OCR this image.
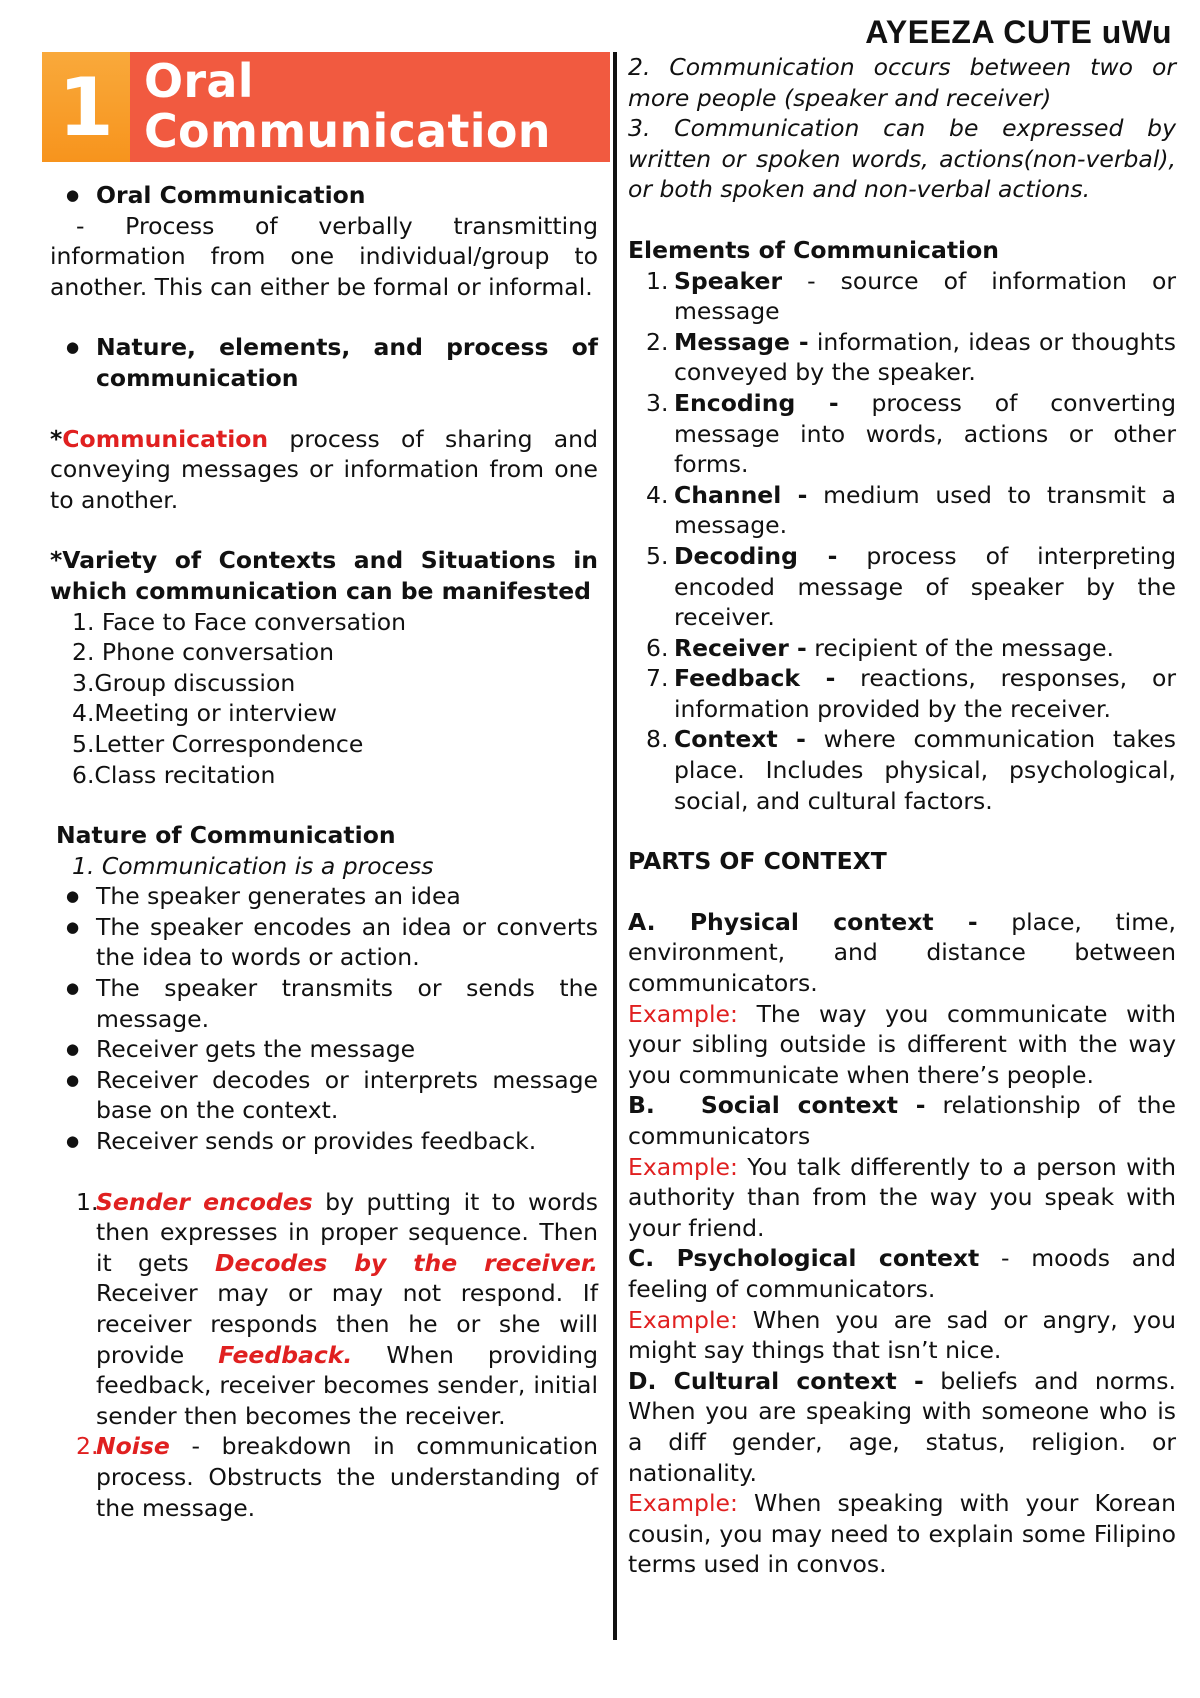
AYEEZA CUTE uWu
1 Oral
Communication
● Oral Communication
- Process of verbally transmitting information from one individual/group to another. This can either be formal or informal.
● Nature, elements, and process of communication
*Communication process of sharing and conveying messages or information from one to another.
*Variety of Contexts and Situations in which communication can be manifested
1. Face to Face conversation
2. Phone conversation
3.Group discussion
4.Meeting or interview
5.Letter Correspondence
6.Class recitation
Nature of Communication
1. Communication is a process
● The speaker generates an idea
● The speaker encodes an idea or converts the idea to words or action.
● The speaker transmits or sends the message.
● Receiver gets the message
● Receiver decodes or interprets message base on the context.
● Receiver sends or provides feedback.
1.
Sender encodes by putting it to words then expresses in proper sequence. Then it gets Decodes by the receiver. Receiver may or may not respond. If receiver responds then he or she will provide Feedback. When providing feedback, receiver becomes sender, initial sender then becomes the receiver.
2.
Noise - breakdown in communication process. Obstructs the understanding of the message.
2. Communication occurs between two or more people (speaker and receiver)
3. Communication can be expressed by written or spoken words, actions(non-verbal), or both spoken and non-verbal actions.
Elements of Communication
1. Speaker - source of information or message
2. Message - information, ideas or thoughts conveyed by the speaker.
3. Encoding - process of converting message into words, actions or other forms.
4. Channel - medium used to transmit a message.
5. Decoding - process of interpreting encoded message of speaker by the receiver.
6. Receiver - recipient of the message.
7. Feedback - reactions, responses, or information provided by the receiver.
8. Context - where communication takes place. Includes physical, psychological, social, and cultural factors.
PARTS OF CONTEXT
A. Physical context - place, time, environment, and distance between communicators.
Example: The way you communicate with your sibling outside is different with the way you communicate when there’s people.
B. Social context - relationship of the communicators
Example: You talk differently to a person with authority than from the way you speak with your friend.
C. Psychological context - moods and feeling of communicators.
Example: When you are sad or angry, you might say things that isn’t nice.
D. Cultural context - beliefs and norms. When you are speaking with someone who is a diff gender, age, status, religion. or nationality.
Example: When speaking with your Korean cousin, you may need to explain some Filipino terms used in convos.
